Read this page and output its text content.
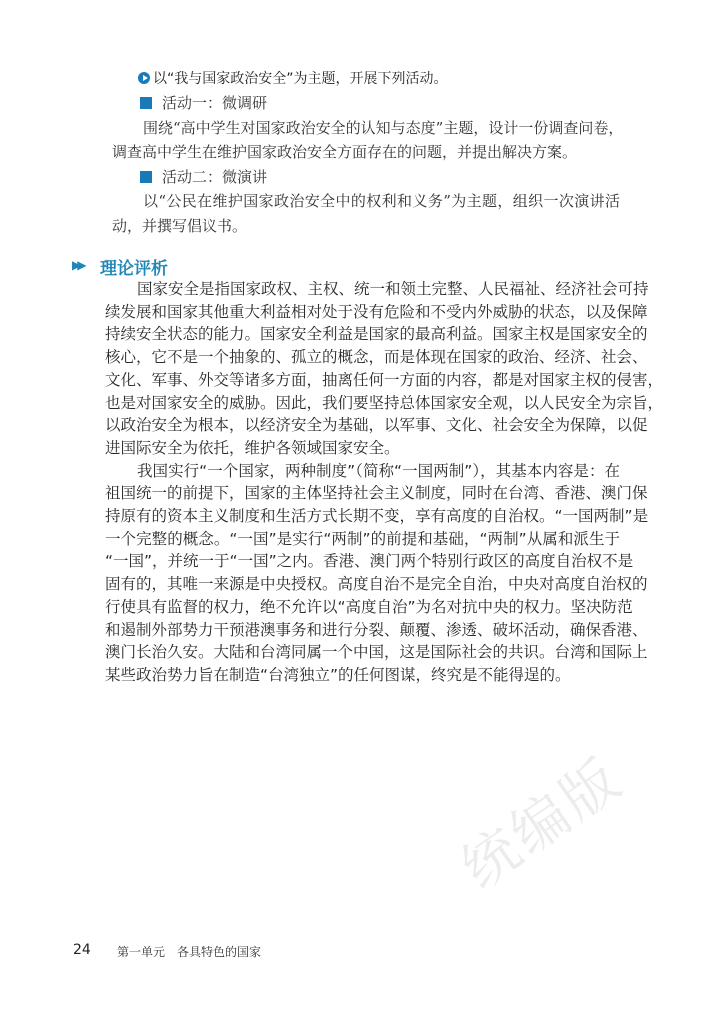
以“我与国家政治安全”为主题，开展下列活动。
活动一：微调研
围绕“高中学生对国家政治安全的认知与态度”主题，设计一份调查问卷，
调查高中学生在维护国家政治安全方面存在的问题，并提出解决方案。
活动二：微演讲
以“公民在维护国家政治安全中的权利和义务”为主题，组织一次演讲活
动，并撰写倡议书。
▶▶ 理论评析
国家安全是指国家政权、主权、统一和领土完整、人民福祉、经济社会可持
续发展和国家其他重大利益相对处于没有危险和不受内外威胁的状态，以及保障
持续安全状态的能力。国家安全利益是国家的最高利益。国家主权是国家安全的
核心，它不是一个抽象的、孤立的概念，而是体现在国家的政治、经济、社会、
文化、军事、外交等诸多方面，抽离任何一方面的内容，都是对国家主权的侵害，
也是对国家安全的威胁。因此，我们要坚持总体国家安全观，以人民安全为宗旨，
以政治安全为根本，以经济安全为基础，以军事、文化、社会安全为保障，以促
进国际安全为依托，维护各领域国家安全。
我国实行“一个国家，两种制度”（简称“一国两制”），其基本内容是：在
祖国统一的前提下，国家的主体坚持社会主义制度，同时在台湾、香港、澳门保
持原有的资本主义制度和生活方式长期不变，享有高度的自治权。“一国两制”是
一个完整的概念。“一国”是实行“两制”的前提和基础，“两制”从属和派生于
“一国”，并统一于“一国”之内。香港、澳门两个特别行政区的高度自治权不是
固有的，其唯一来源是中央授权。高度自治不是完全自治，中央对高度自治权的
行使具有监督的权力，绝不允许以“高度自治”为名对抗中央的权力。坚决防范
和遏制外部势力干预港澳事务和进行分裂、颠覆、渗透、破坏活动，确保香港、
澳门长治久安。大陆和台湾同属一个中国，这是国际社会的共识。台湾和国际上
某些政治势力旨在制造“台湾独立”的任何图谋，终究是不能得逞的。
24 第一单元　各具特色的国家
统编版
